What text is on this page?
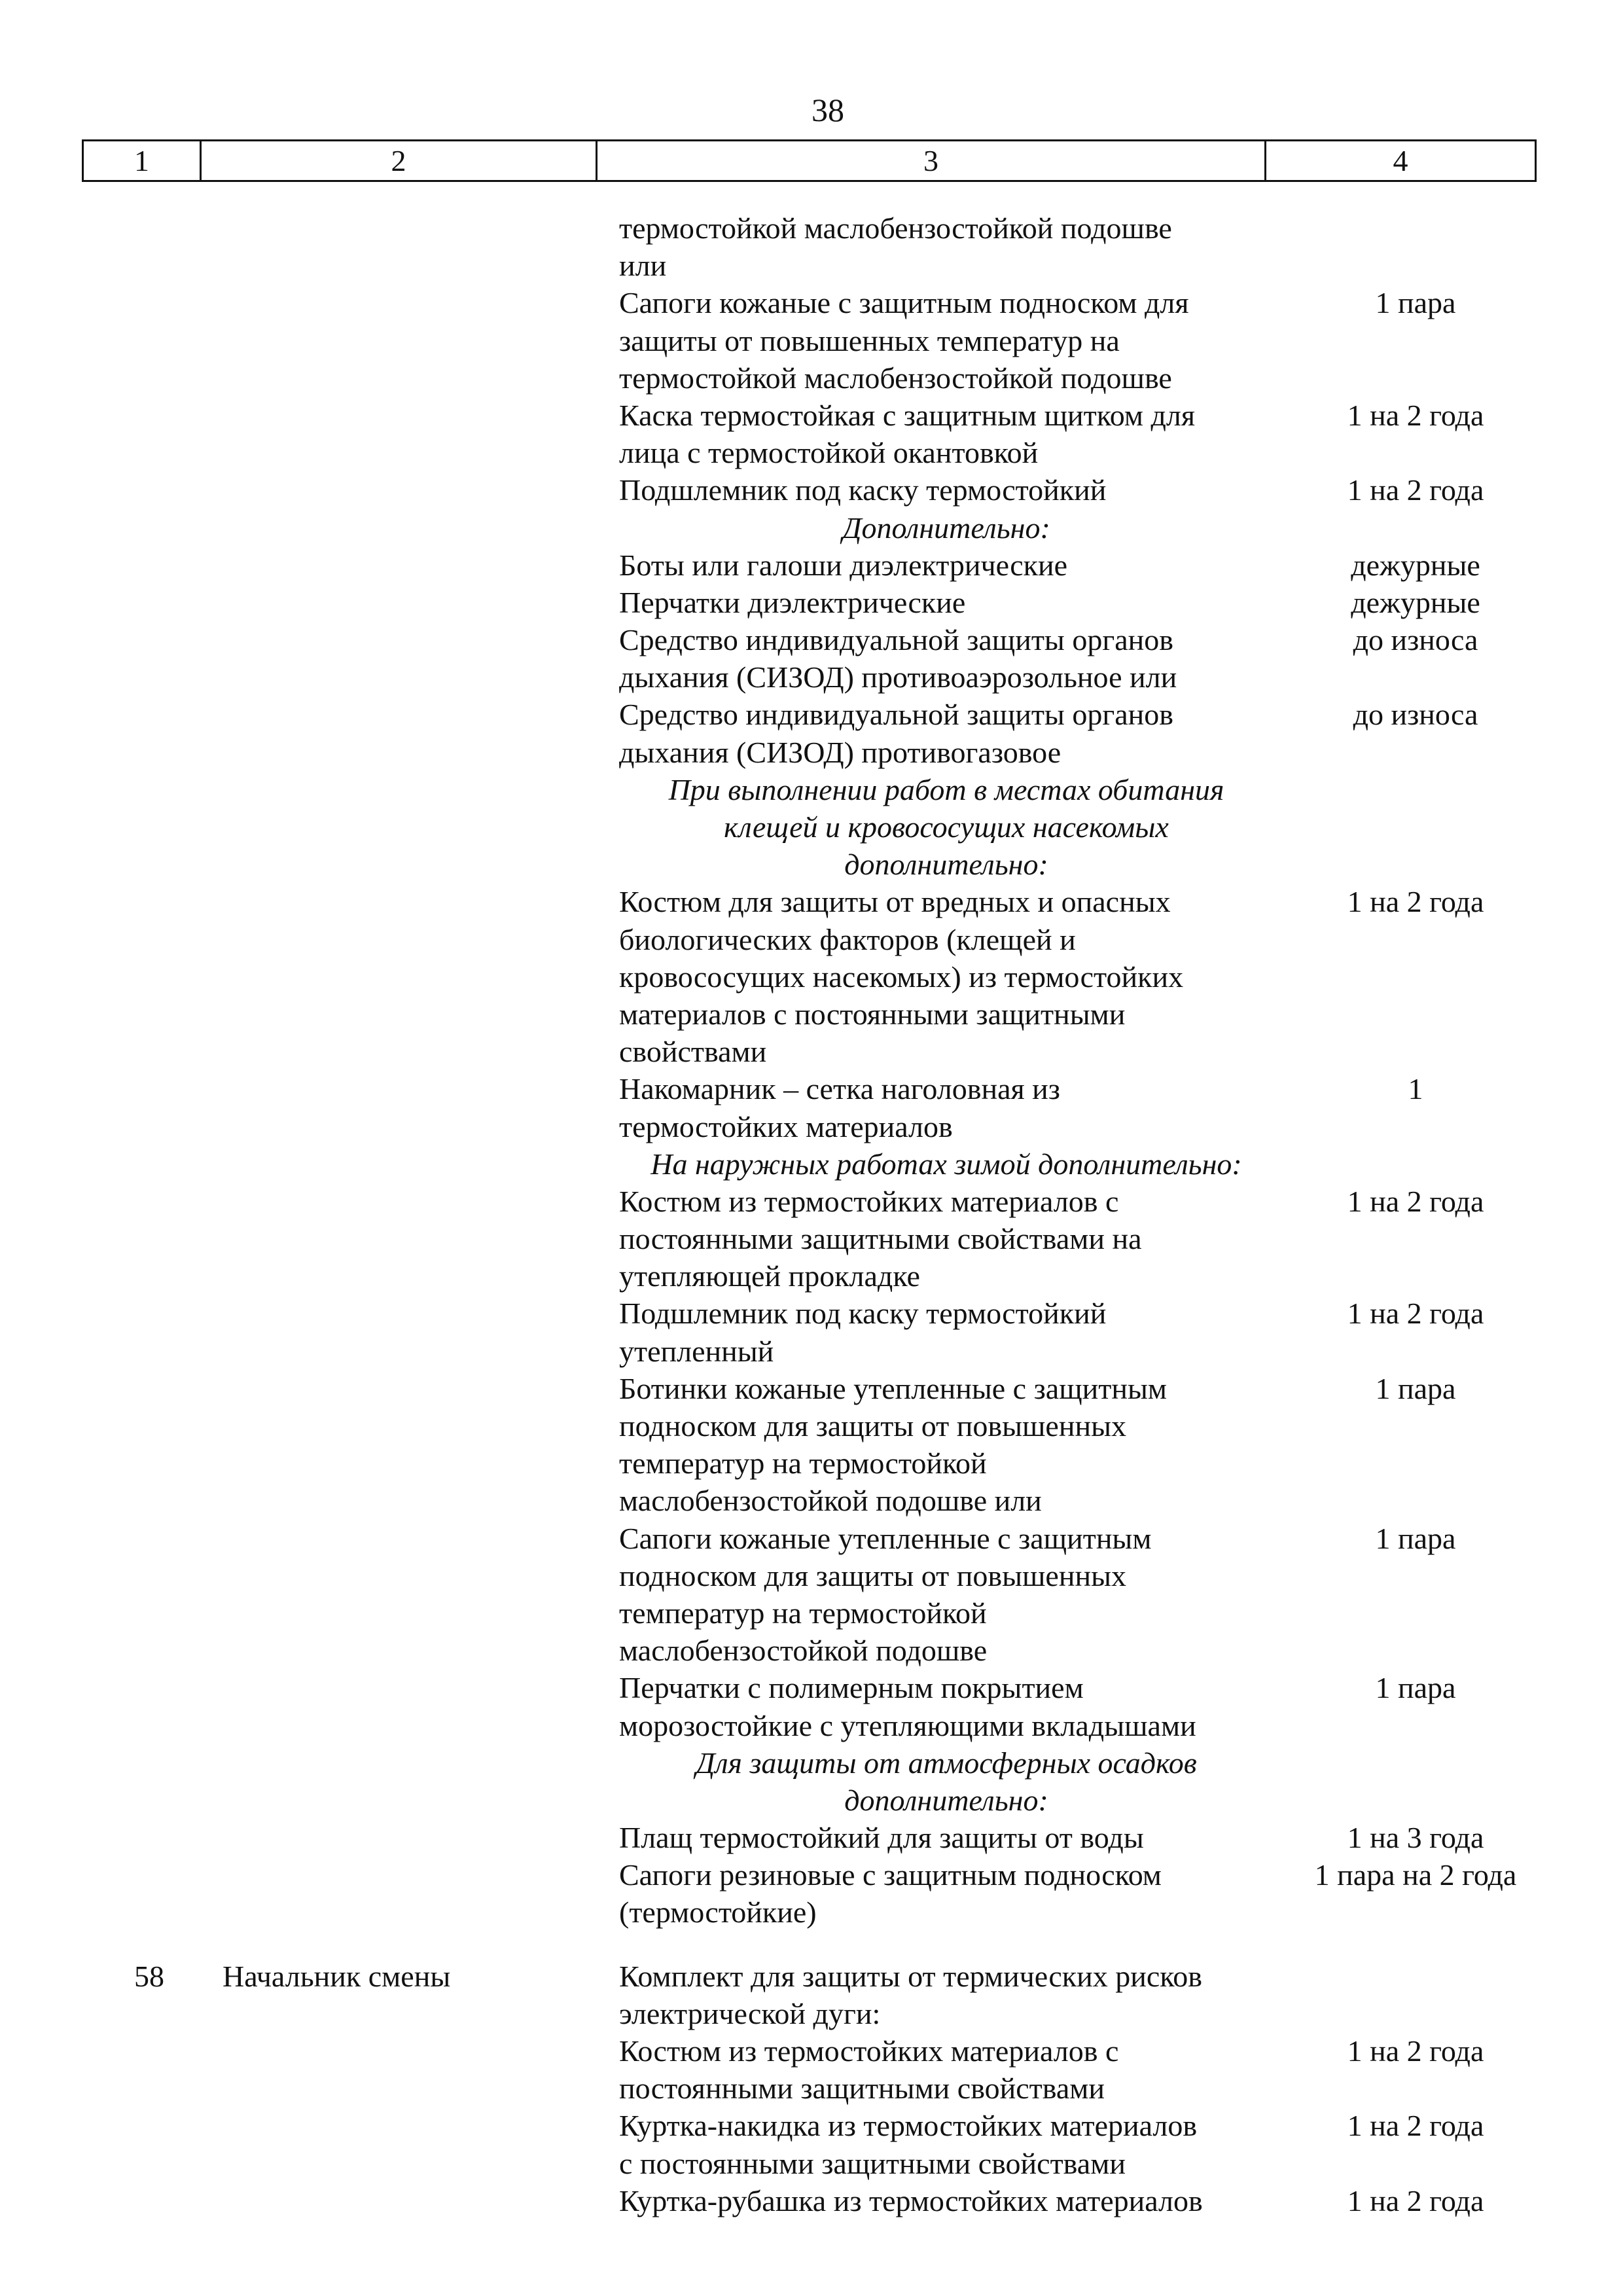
38
1	2	3	4
термостойкой маслобензостойкой подошве
или
Сапоги кожаные с защитным подноском для	1 пара
защиты от повышенных температур на
термостойкой маслобензостойкой подошве
Каска термостойкая с защитным щитком для	1 на 2 года
лица с термостойкой окантовкой
Подшлемник под каску термостойкий	1 на 2 года
Дополнительно:
Боты или галоши диэлектрические	дежурные
Перчатки диэлектрические	дежурные
Средство индивидуальной защиты органов	до износа
дыхания (СИЗОД) противоаэрозольное или
Средство индивидуальной защиты органов	до износа
дыхания (СИЗОД) противогазовое
При выполнении работ в местах обитания
клещей и кровососущих насекомых
дополнительно:
Костюм для защиты от вредных и опасных	1 на 2 года
биологических факторов (клещей и
кровососущих насекомых) из термостойких
материалов с постоянными защитными
свойствами
Накомарник – сетка наголовная из	1
термостойких материалов
На наружных работах зимой дополнительно:
Костюм из термостойких материалов с	1 на 2 года
постоянными защитными свойствами на
утепляющей прокладке
Подшлемник под каску термостойкий	1 на 2 года
утепленный
Ботинки кожаные утепленные с защитным	1 пара
подноском для защиты от повышенных
температур на термостойкой
маслобензостойкой подошве или
Сапоги кожаные утепленные с защитным	1 пара
подноском для защиты от повышенных
температур на термостойкой
маслобензостойкой подошве
Перчатки с полимерным покрытием	1 пара
морозостойкие с утепляющими вкладышами
Для защиты от атмосферных осадков
дополнительно:
Плащ термостойкий для защиты от воды	1 на 3 года
Сапоги резиновые с защитным подноском	1 пара на 2 года
(термостойкие)
58 Начальник смены	Комплект для защиты от термических рисков
электрической дуги:
Костюм из термостойких материалов с	1 на 2 года
постоянными защитными свойствами
Куртка-накидка из термостойких материалов	1 на 2 года
с постоянными защитными свойствами
Куртка-рубашка из термостойких материалов	1 на 2 года
